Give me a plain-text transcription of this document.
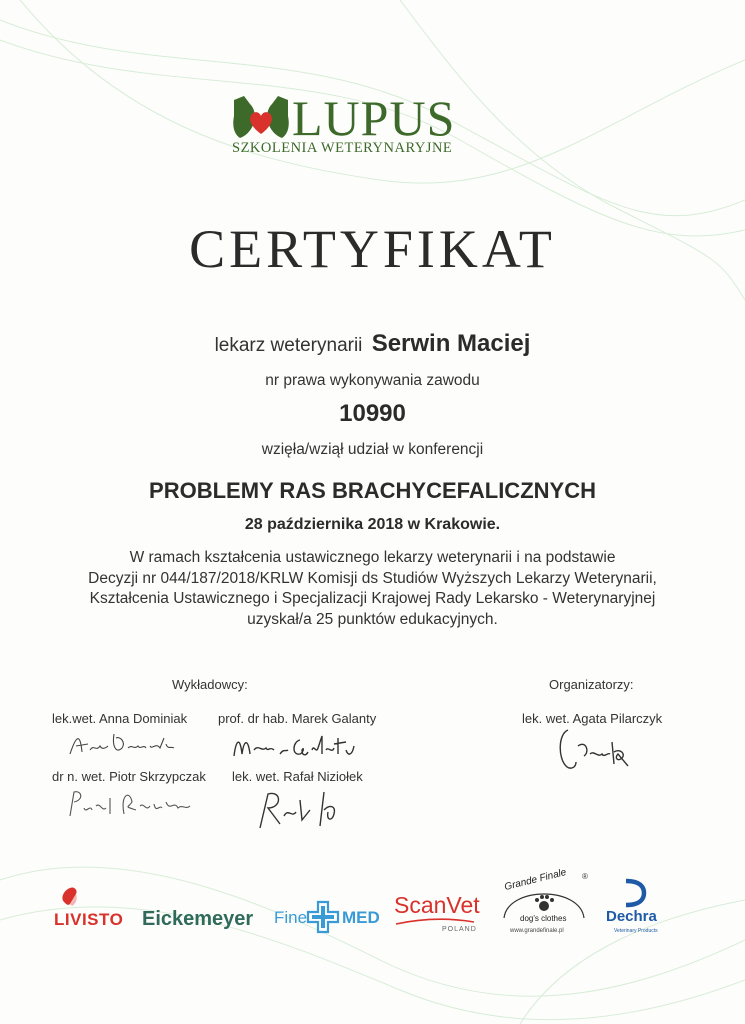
LUPUS
SZKOLENIA WETERYNARYJNE
CERTYFIKAT
lekarz weterynarii Serwin Maciej
nr prawa wykonywania zawodu
10990
wzięła/wziął udział w konferencji
PROBLEMY RAS BRACHYCEFALICZNYCH
28 października 2018 w Krakowie.
W ramach kształcenia ustawicznego lekarzy weterynarii i na podstawie
Decyzji nr 044/187/2018/KRLW Komisji ds Studiów Wyższych Lekarzy Weterynarii,
Kształcenia Ustawicznego i Specjalizacji Krajowej Rady Lekarsko - Weterynaryjnej
uzyskał/a 25 punktów edukacyjnych.
Wykładowcy:
lek.wet. Anna Dominiak prof. dr hab. Marek Galanty
dr n. wet. Piotr Skrzypczak lek. wet. Rafał Niziołek
Organizatorzy:
lek. wet. Agata Pilarczyk
LIVISTO Eickemeyer Fine MED ScanVet
POLAND
Grande Finale
dog's clothes
www.grandefinale.pl
®
Dechra
Veterinary Products
